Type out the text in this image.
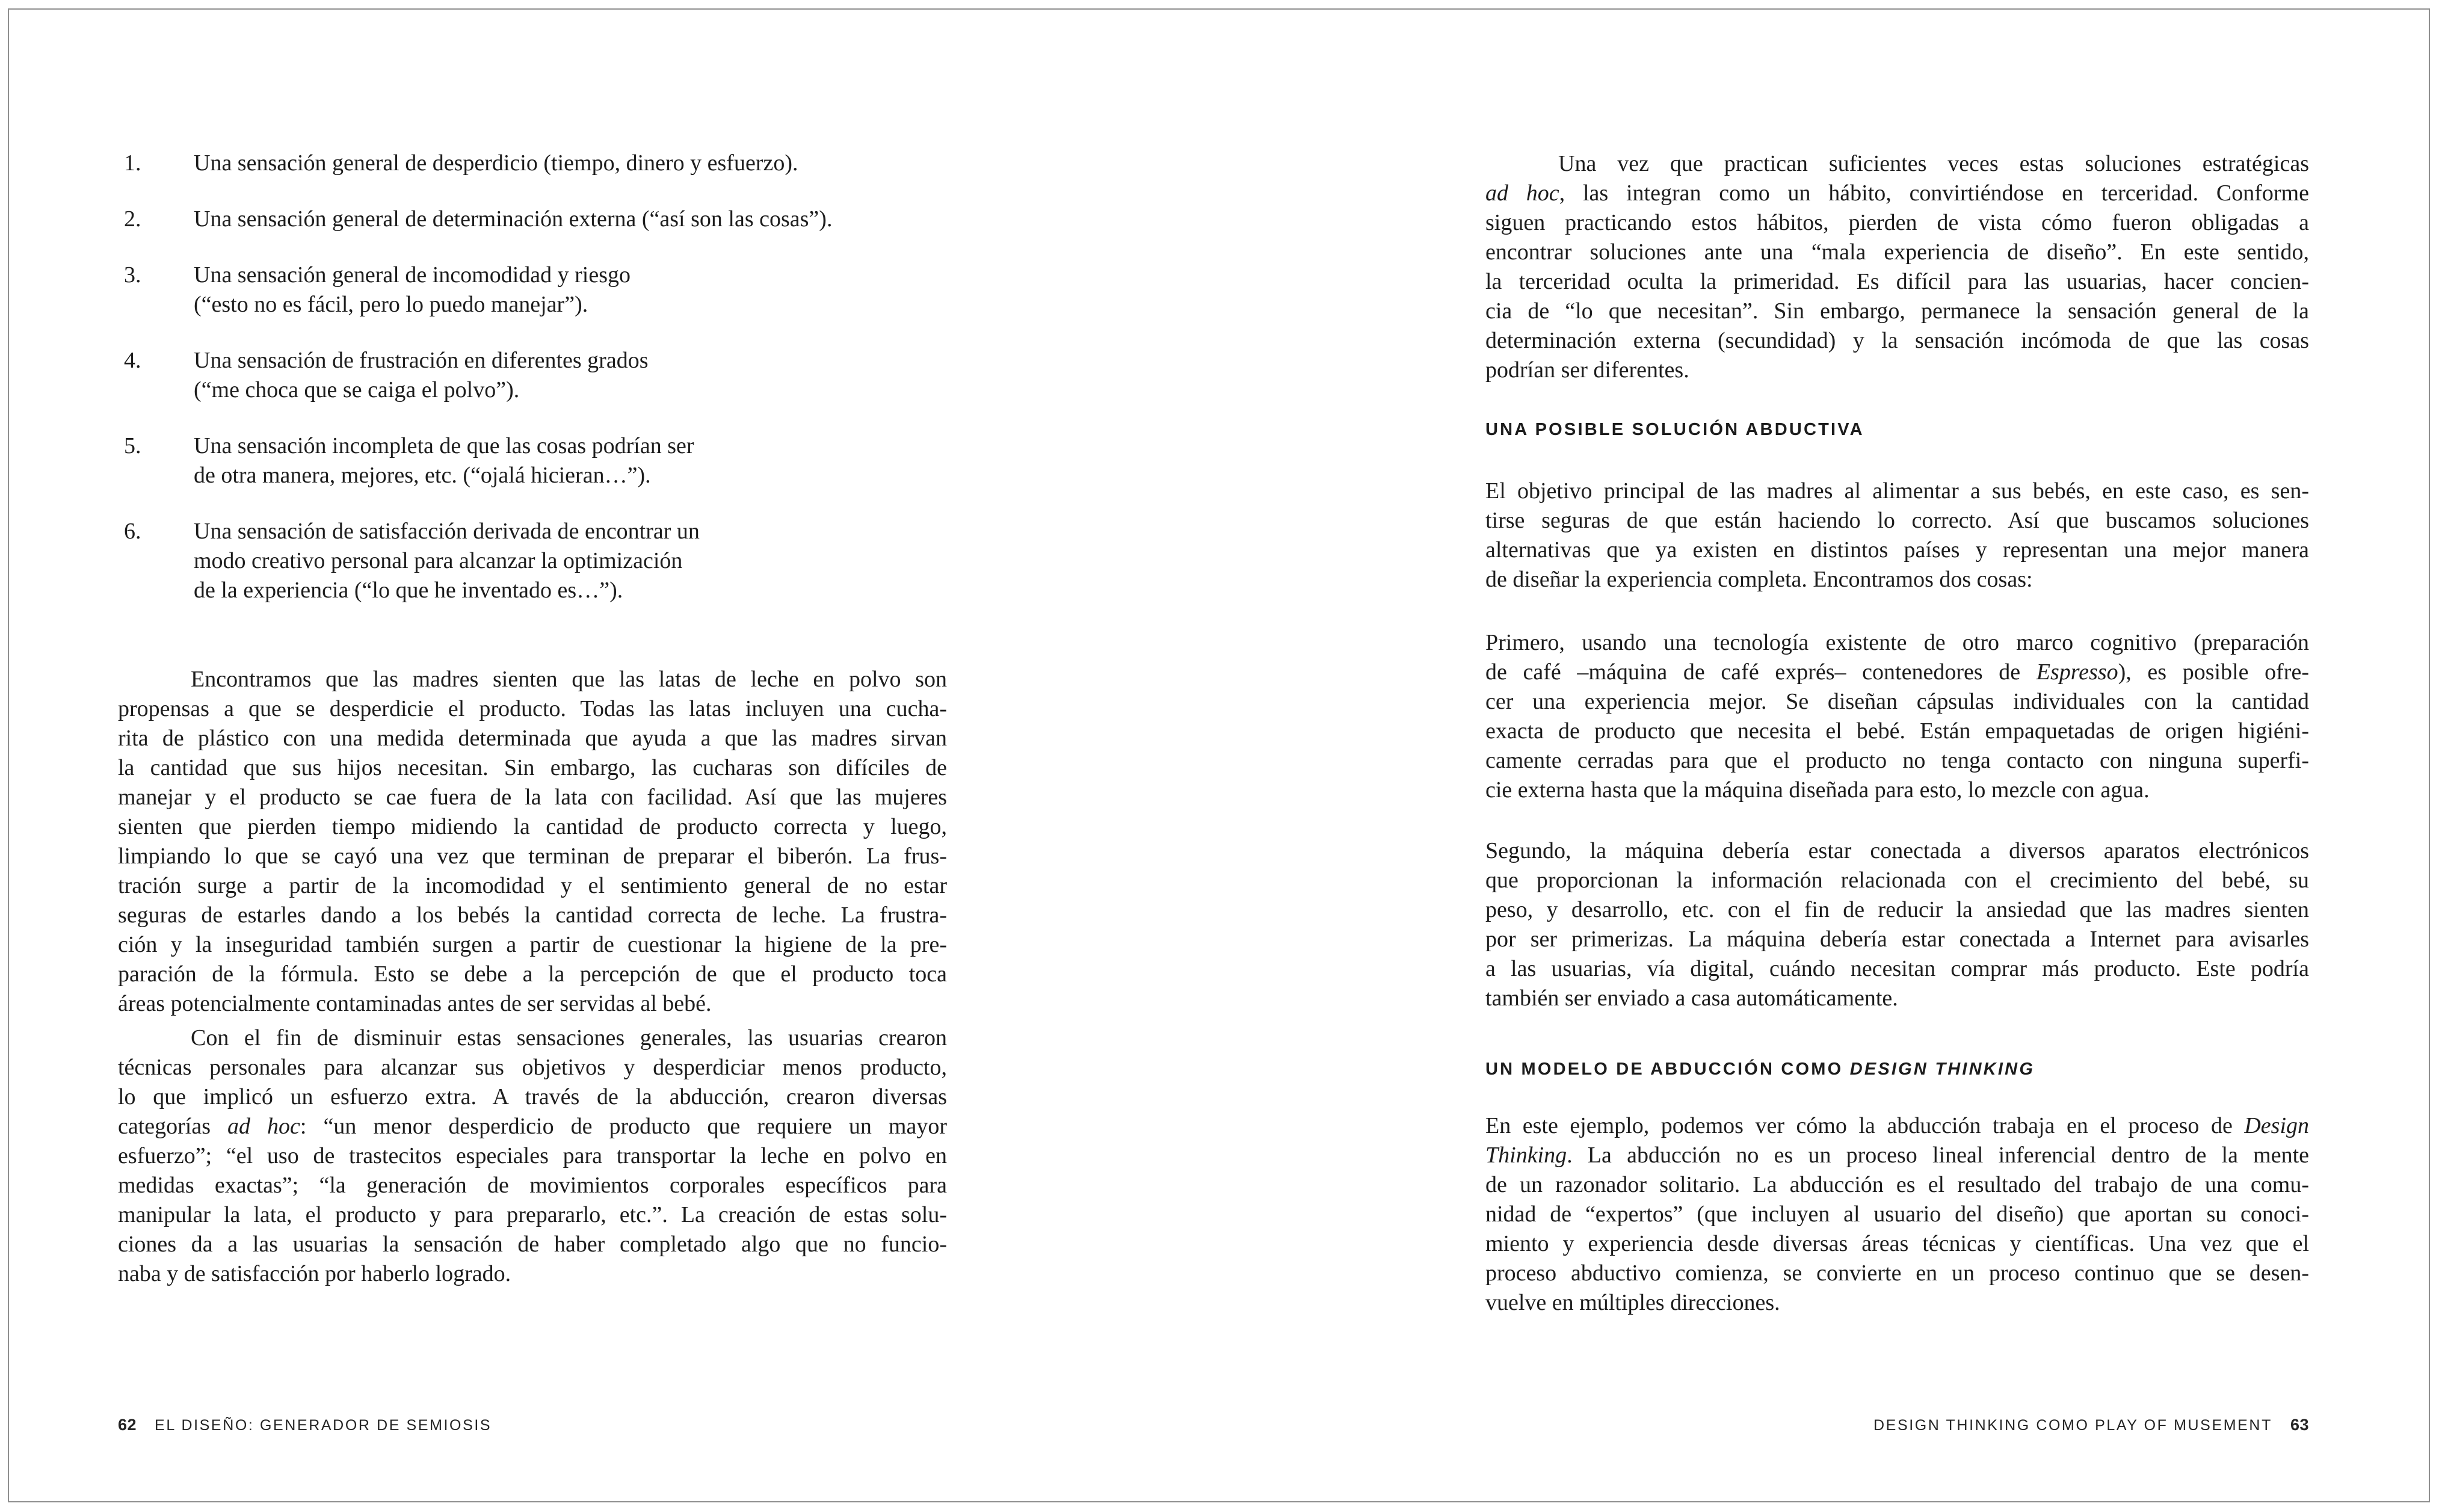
1. Una sensación general de desperdicio (tiempo, dinero y esfuerzo).
2. Una sensación general de determinación externa (“así son las cosas”).
3. Una sensación general de incomodidad y riesgo
(“esto no es fácil, pero lo puedo manejar”).
4. Una sensación de frustración en diferentes grados
(“me choca que se caiga el polvo”).
5. Una sensación incompleta de que las cosas podrían ser
de otra manera, mejores, etc. (“ojalá hicieran…”).
6. Una sensación de satisfacción derivada de encontrar un
modo creativo personal para alcanzar la optimización
de la experiencia (“lo que he inventado es…”).
Encontramos que las madres sienten que las latas de leche en polvo son
propensas a que se desperdicie el producto. Todas las latas incluyen una cucha-
rita de plástico con una medida determinada que ayuda a que las madres sirvan
la cantidad que sus hijos necesitan. Sin embargo, las cucharas son difíciles de
manejar y el producto se cae fuera de la lata con facilidad. Así que las mujeres
sienten que pierden tiempo midiendo la cantidad de producto correcta y luego,
limpiando lo que se cayó una vez que terminan de preparar el biberón. La frus-
tración surge a partir de la incomodidad y el sentimiento general de no estar
seguras de estarles dando a los bebés la cantidad correcta de leche. La frustra-
ción y la inseguridad también surgen a partir de cuestionar la higiene de la pre-
paración de la fórmula. Esto se debe a la percepción de que el producto toca
áreas potencialmente contaminadas antes de ser servidas al bebé.
Con el fin de disminuir estas sensaciones generales, las usuarias crearon
técnicas personales para alcanzar sus objetivos y desperdiciar menos producto,
lo que implicó un esfuerzo extra. A través de la abducción, crearon diversas
categorías ad hoc: “un menor desperdicio de producto que requiere un mayor
esfuerzo”; “el uso de trastecitos especiales para transportar la leche en polvo en
medidas exactas”; “la generación de movimientos corporales específicos para
manipular la lata, el producto y para prepararlo, etc.”. La creación de estas solu-
ciones da a las usuarias la sensación de haber completado algo que no funcio-
naba y de satisfacción por haberlo logrado.
Una vez que practican suficientes veces estas soluciones estratégicas
ad hoc, las integran como un hábito, convirtiéndose en terceridad. Conforme
siguen practicando estos hábitos, pierden de vista cómo fueron obligadas a
encontrar soluciones ante una “mala experiencia de diseño”. En este sentido,
la terceridad oculta la primeridad. Es difícil para las usuarias, hacer concien-
cia de “lo que necesitan”. Sin embargo, permanece la sensación general de la
determinación externa (secundidad) y la sensación incómoda de que las cosas
podrían ser diferentes.
UNA POSIBLE SOLUCIÓN ABDUCTIVA
El objetivo principal de las madres al alimentar a sus bebés, en este caso, es sen-
tirse seguras de que están haciendo lo correcto. Así que buscamos soluciones
alternativas que ya existen en distintos países y representan una mejor manera
de diseñar la experiencia completa. Encontramos dos cosas:
Primero, usando una tecnología existente de otro marco cognitivo (preparación
de café –máquina de café exprés– contenedores de Espresso), es posible ofre-
cer una experiencia mejor. Se diseñan cápsulas individuales con la cantidad
exacta de producto que necesita el bebé. Están empaquetadas de origen higiéni-
camente cerradas para que el producto no tenga contacto con ninguna superfi-
cie externa hasta que la máquina diseñada para esto, lo mezcle con agua.
Segundo, la máquina debería estar conectada a diversos aparatos electrónicos
que proporcionan la información relacionada con el crecimiento del bebé, su
peso, y desarrollo, etc. con el fin de reducir la ansiedad que las madres sienten
por ser primerizas. La máquina debería estar conectada a Internet para avisarles
a las usuarias, vía digital, cuándo necesitan comprar más producto. Este podría
también ser enviado a casa automáticamente.
UN MODELO DE ABDUCCIÓN COMO DESIGN THINKING
En este ejemplo, podemos ver cómo la abducción trabaja en el proceso de Design
Thinking. La abducción no es un proceso lineal inferencial dentro de la mente
de un razonador solitario. La abducción es el resultado del trabajo de una comu-
nidad de “expertos” (que incluyen al usuario del diseño) que aportan su conoci-
miento y experiencia desde diversas áreas técnicas y científicas. Una vez que el
proceso abductivo comienza, se convierte en un proceso continuo que se desen-
vuelve en múltiples direcciones.
62 EL DISEÑO: GENERADOR DE SEMIOSIS	DESIGN THINKING COMO PLAY OF MUSEMENT 63
